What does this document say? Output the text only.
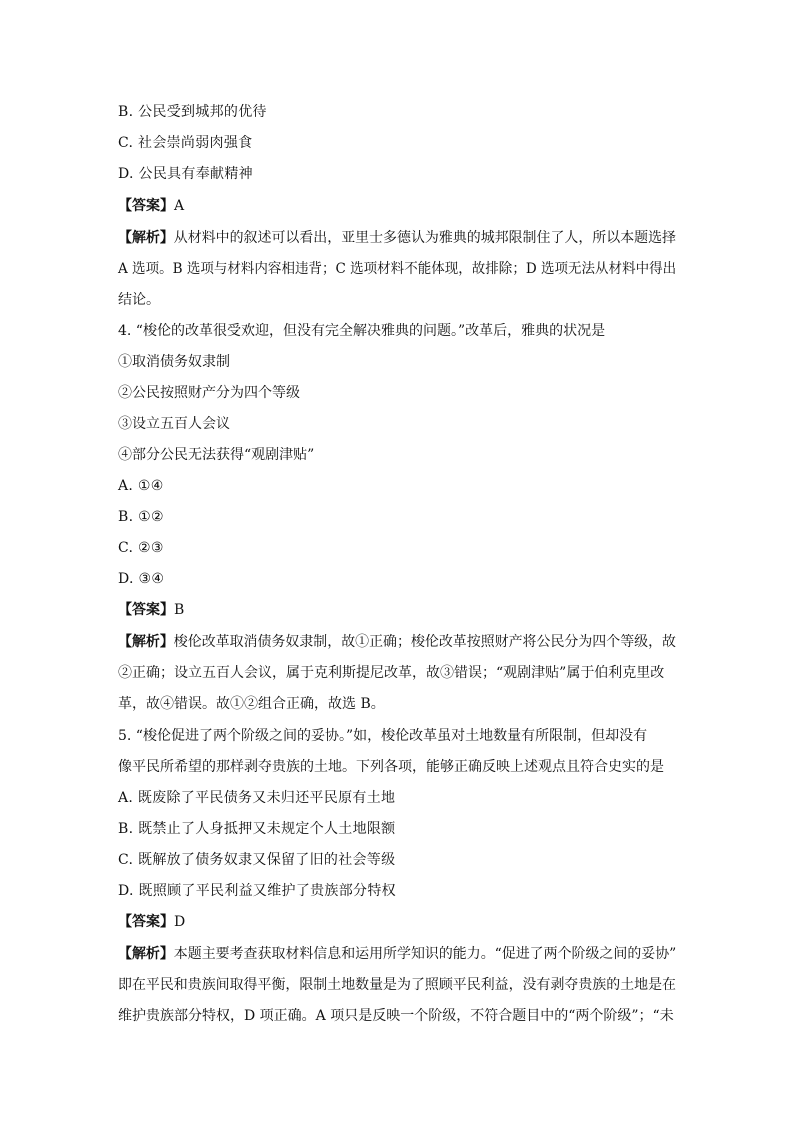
B. 公民受到城邦的优待
C. 社会崇尚弱肉强食
D. 公民具有奉献精神
【答案】A
【解析】从材料中的叙述可以看出，亚里士多德认为雅典的城邦限制住了人，所以本题选择
A 选项。B 选项与材料内容相违背；C 选项材料不能体现，故排除；D 选项无法从材料中得出
结论。
4. “梭伦的改革很受欢迎，但没有完全解决雅典的问题。”改革后，雅典的状况是
①取消债务奴隶制
②公民按照财产分为四个等级
③设立五百人会议
④部分公民无法获得“观剧津贴”
A. ①④
B. ①②
C. ②③
D. ③④
【答案】B
【解析】梭伦改革取消债务奴隶制，故①正确；梭伦改革按照财产将公民分为四个等级，故
②正确；设立五百人会议，属于克利斯提尼改革，故③错误；“观剧津贴”属于伯利克里改
革，故④错误。故①②组合正确，故选 B。
5. “梭伦促进了两个阶级之间的妥协。”如，梭伦改革虽对土地数量有所限制，但却没有
像平民所希望的那样剥夺贵族的土地。下列各项，能够正确反映上述观点且符合史实的是
A. 既废除了平民债务又未归还平民原有土地
B. 既禁止了人身抵押又未规定个人土地限额
C. 既解放了债务奴隶又保留了旧的社会等级
D. 既照顾了平民利益又维护了贵族部分特权
【答案】D
【解析】本题主要考查获取材料信息和运用所学知识的能力。“促进了两个阶级之间的妥协”
即在平民和贵族间取得平衡，限制土地数量是为了照顾平民利益，没有剥夺贵族的土地是在
维护贵族部分特权，D 项正确。A 项只是反映一个阶级，不符合题目中的“两个阶级”；“未
